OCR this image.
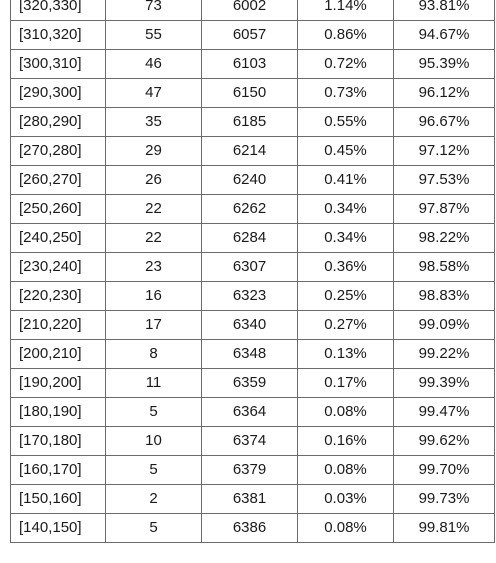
[320,330]	73	6002	1.14%	93.81%
[310,320]	55	6057	0.86%	94.67%
[300,310]	46	6103	0.72%	95.39%
[290,300]	47	6150	0.73%	96.12%
[280,290]	35	6185	0.55%	96.67%
[270,280]	29	6214	0.45%	97.12%
[260,270]	26	6240	0.41%	97.53%
[250,260]	22	6262	0.34%	97.87%
[240,250]	22	6284	0.34%	98.22%
[230,240]	23	6307	0.36%	98.58%
[220,230]	16	6323	0.25%	98.83%
[210,220]	17	6340	0.27%	99.09%
[200,210]	8	6348	0.13%	99.22%
[190,200]	11	6359	0.17%	99.39%
[180,190]	5	6364	0.08%	99.47%
[170,180]	10	6374	0.16%	99.62%
[160,170]	5	6379	0.08%	99.70%
[150,160]	2	6381	0.03%	99.73%
[140,150]	5	6386	0.08%	99.81%
